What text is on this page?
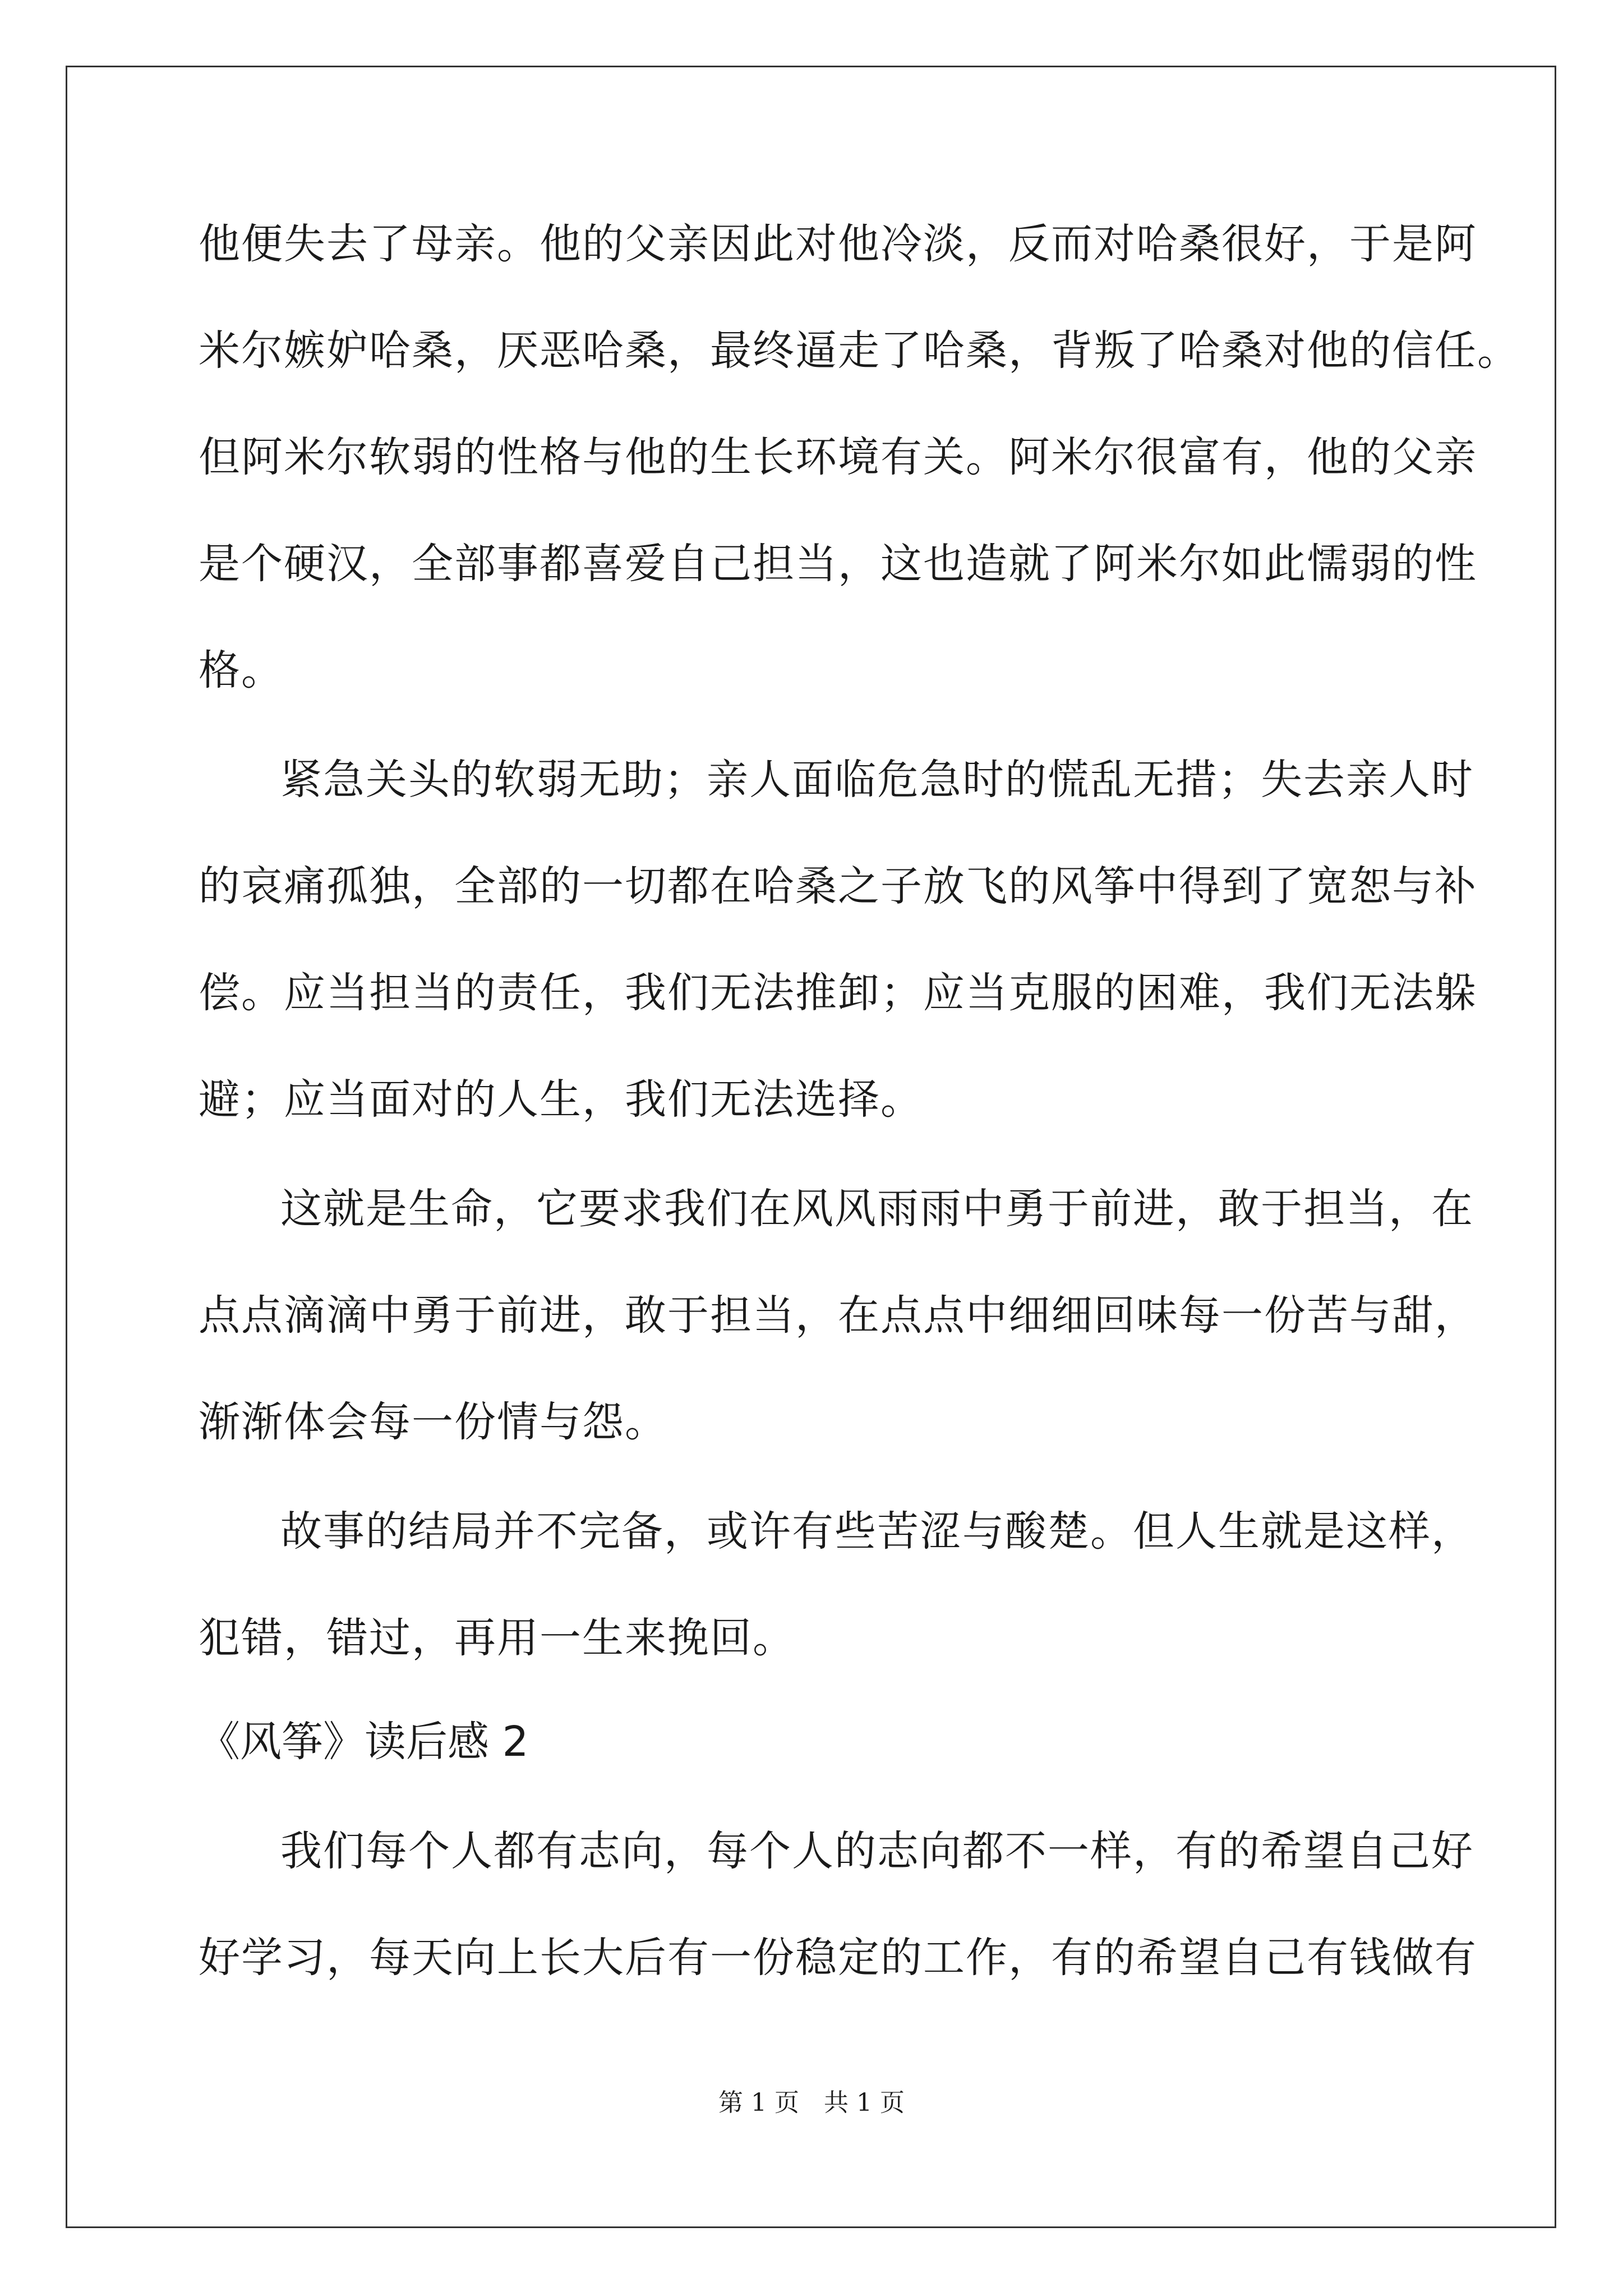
他便失去了母亲。他的父亲因此对他冷淡，反而对哈桑很好，于是阿

米尔嫉妒哈桑，厌恶哈桑，最终逼走了哈桑，背叛了哈桑对他的信任。

但阿米尔软弱的性格与他的生长环境有关。阿米尔很富有，他的父亲

是个硬汉，全部事都喜爱自己担当，这也造就了阿米尔如此懦弱的性

格。

紧急关头的软弱无助；亲人面临危急时的慌乱无措；失去亲人时

的哀痛孤独，全部的一切都在哈桑之子放飞的风筝中得到了宽恕与补

偿。应当担当的责任，我们无法推卸；应当克服的困难，我们无法躲

避；应当面对的人生，我们无法选择。

这就是生命，它要求我们在风风雨雨中勇于前进，敢于担当，在

点点滴滴中勇于前进，敢于担当，在点点中细细回味每一份苦与甜，

渐渐体会每一份情与怨。

故事的结局并不完备，或许有些苦涩与酸楚。但人生就是这样，

犯错，错过，再用一生来挽回。

《风筝》读后感 2

我们每个人都有志向，每个人的志向都不一样，有的希望自己好

好学习，每天向上长大后有一份稳定的工作，有的希望自己有钱做有

第 1 页　共 1 页
